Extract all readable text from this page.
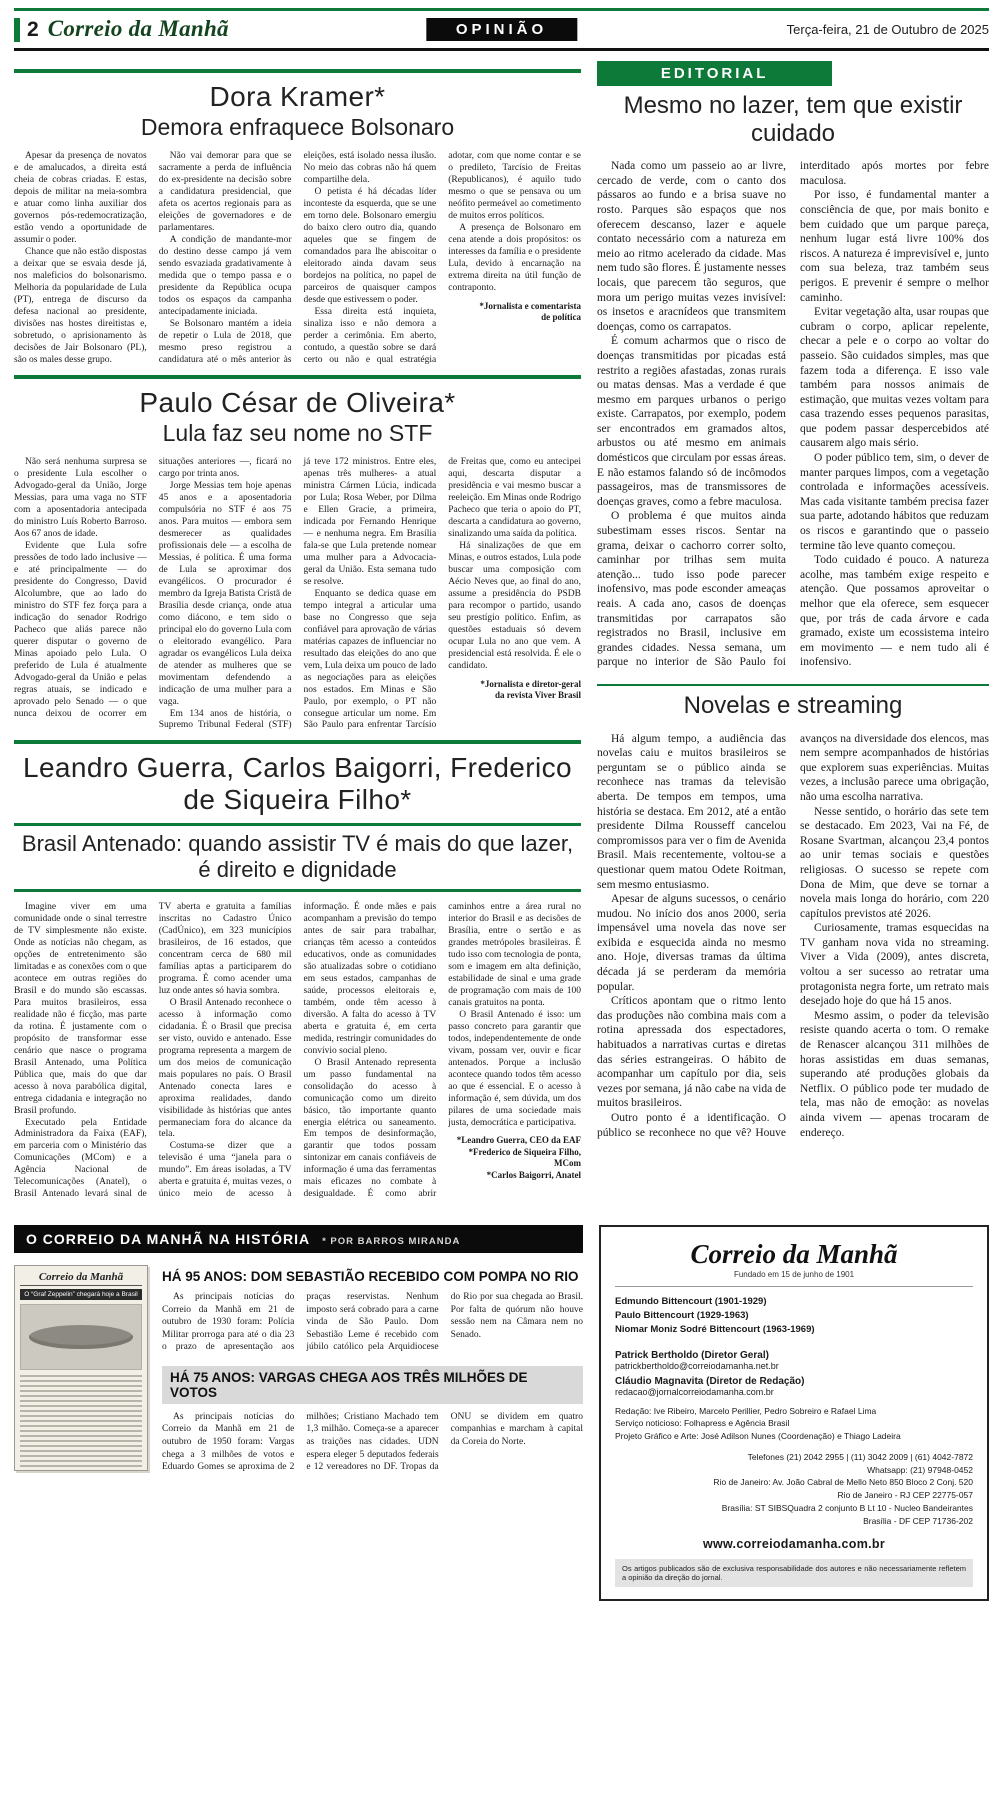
2 Correio da Manhã	OPINIÃO	Terça-feira, 21 de Outubro de 2025
Dora Kramer*
Demora enfraquece Bolsonaro

Apesar da presença de novatos e de amalucados, a direita está cheia de cobras criadas. E estas, depois de militar na meia-sombra e atuar como linha auxiliar dos governos pós-redemocratização, estão vendo a oportunidade de assumir o poder.

Chance que não estão dispostas a deixar que se esvaia desde já, nos maleficios do bolsonarismo. Melhoria da popularidade de Lula (PT), entrega de discurso da defesa nacional ao presidente, divisões nas hostes direitistas e, sobretudo, o aprisionamento às decisões de Jair Bolsonaro (PL), são os males desse grupo.

Não vai demorar para que se sacramente a perda de influência do ex-presidente na decisão sobre a candidatura presidencial, que afeta os acertos regionais para as eleições de governadores e de parlamentares.

A condição de mandante-mor do destino desse campo já vem sendo esvaziada gradativamente à medida que o tempo passa e o presidente da República ocupa todos os espaços da campanha antecipadamente iniciada.

Se Bolsonaro mantém a ideia de repetir o Lula de 2018, que mesmo preso registrou a candidatura até o mês anterior às eleições, está isolado nessa ilusão. No meio das cobras não há quem compartilhe dela.

O petista é há décadas líder inconteste da esquerda, que se une em torno dele. Bolsonaro emergiu do baixo clero outro dia, quando aqueles que se fingem de comandados para lhe abiscoitar o eleitorado ainda davam seus bordejos na política, no papel de parceiros de quaisquer campos desde que estivessem o poder.

Essa direita está inquieta, sinaliza isso e não demora a perder a cerimônia. Em aberto, contudo, a questão sobre se dará certo ou não e qual estratégia adotar, com que nome contar e se o predileto, Tarcísio de Freitas (Republicanos), é aquilo tudo mesmo o que se pensava ou um neófito permeável ao cometimento de muitos erros políticos.

A presença de Bolsonaro em cena atende a dois propósitos: os interesses da família e o presidente Lula, devido à encarnação na extrema direita na útil função de contraponto.

*Jornalista e comentarista

de política

Paulo César de Oliveira*
Lula faz seu nome no STF

Não será nenhuma surpresa se o presidente Lula escolher o Advogado-geral da União, Jorge Messias, para uma vaga no STF com a aposentadoria antecipada do ministro Luís Roberto Barroso. Aos 67 anos de idade.

Evidente que Lula sofre pressões de todo lado inclusive — e até principalmente — do presidente do Congresso, David Alcolumbre, que ao lado do ministro do STF fez força para a indicação do senador Rodrigo Pacheco que aliás parece não querer disputar o governo de Minas apoiado pelo Lula. O preferido de Lula é atualmente Advogado-geral da União e pelas regras atuais, se indicado e aprovado pelo Senado — o que nunca deixou de ocorrer em situações anteriores —, ficará no cargo por trinta anos.

Jorge Messias tem hoje apenas 45 anos e a aposentadoria compulsória no STF é aos 75 anos. Para muitos — embora sem desmerecer as qualidades profissionais dele — a escolha de Messias, é política. É uma forma de Lula se aproximar dos evangélicos. O procurador é membro da Igreja Batista Cristã de Brasília desde criança, onde atua como diácono, e tem sido o principal elo do governo Lula com o eleitorado evangélico. Para agradar os evangélicos Lula deixa de atender as mulheres que se movimentam defendendo a indicação de uma mulher para a vaga.

Em 134 anos de história, o Supremo Tribunal Federal (STF) já teve 172 ministros. Entre eles, apenas três mulheres- a atual ministra Cármen Lúcia, indicada por Lula; Rosa Weber, por Dilma e Ellen Gracie, a primeira, indicada por Fernando Henrique — e nenhuma negra. Em Brasília fala-se que Lula pretende nomear uma mulher para a Advocacia-geral da União. Esta semana tudo se resolve.

Enquanto se dedica quase em tempo integral a articular uma base no Congresso que seja confiável para aprovação de várias matérias capazes de influenciar no resultado das eleições do ano que vem, Lula deixa um pouco de lado as negociações para as eleições nos estados. Em Minas e São Paulo, por exemplo, o PT não consegue articular um nome. Em São Paulo para enfrentar Tarcísio de Freitas que, como eu antecipei aqui, descarta disputar a presidência e vai mesmo buscar a reeleição. Em Minas onde Rodrigo Pacheco que teria o apoio do PT, descarta a candidatura ao governo, sinalizando uma saída da política.

Há sinalizações de que em Minas, e outros estados, Lula pode buscar uma composição com Aécio Neves que, ao final do ano, assume a presidência do PSDB para recompor o partido, usando seu prestígio político. Enfim, as questões estaduais só devem ocupar Lula no ano que vem. A presidencial está resolvida. É ele o candidato.

*Jornalista e diretor-geral

da revista Viver Brasil

Leandro Guerra, Carlos Baigorri, Frederico de Siqueira Filho*
Brasil Antenado: quando assistir TV é mais do que lazer, é direito e dignidade

Imagine viver em uma comunidade onde o sinal terrestre de TV simplesmente não existe. Onde as notícias não chegam, as opções de entretenimento são limitadas e as conexões com o que acontece em outras regiões do Brasil e do mundo são escassas. Para muitos brasileiros, essa realidade não é ficção, mas parte da rotina. É justamente com o propósito de transformar esse cenário que nasce o programa Brasil Antenado, uma Política Pública que, mais do que dar acesso à nova parabólica digital, entrega cidadania e integração no Brasil profundo.

Executado pela Entidade Administradora da Faixa (EAF), em parceria com o Ministério das Comunicações (MCom) e a Agência Nacional de Telecomunicações (Anatel), o Brasil Antenado levará sinal de TV aberta e gratuita a famílias inscritas no Cadastro Único (CadÚnico), em 323 municípios brasileiros, de 16 estados, que concentram cerca de 680 mil famílias aptas a participarem do programa. É como acender uma luz onde antes só havia sombra.

O Brasil Antenado reconhece o acesso à informação como cidadania. É o Brasil que precisa ser visto, ouvido e antenado. Esse programa representa a margem de um dos meios de comunicação mais populares no país. O Brasil Antenado conecta lares e aproxima realidades, dando visibilidade às histórias que antes permaneciam fora do alcance da tela.

Costuma-se dizer que a televisão é uma “janela para o mundo”. Em áreas isoladas, a TV aberta e gratuita é, muitas vezes, o único meio de acesso à informação. É onde mães e pais acompanham a previsão do tempo antes de sair para trabalhar, crianças têm acesso a conteúdos educativos, onde as comunidades são atualizadas sobre o cotidiano em seus estados, campanhas de saúde, processos eleitorais e, também, onde têm acesso à diversão. A falta do acesso à TV aberta e gratuita é, em certa medida, restringir comunidades do convívio social pleno.

O Brasil Antenado representa um passo fundamental na consolidação do acesso à comunicação como um direito básico, tão importante quanto energia elétrica ou saneamento. Em tempos de desinformação, garantir que todos possam sintonizar em canais confiáveis de informação é uma das ferramentas mais eficazes no combate à desigualdade. É como abrir caminhos entre a área rural no interior do Brasil e as decisões de Brasília, entre o sertão e as grandes metrópoles brasileiras. É tudo isso com tecnologia de ponta, som e imagem em alta definição, estabilidade de sinal e uma grade de programação com mais de 100 canais gratuitos na ponta.

O Brasil Antenado é isso: um passo concreto para garantir que todos, independentemente de onde vivam, possam ver, ouvir e ficar antenados. Porque a inclusão acontece quando todos têm acesso ao que é essencial. E o acesso à informação é, sem dúvida, um dos pilares de uma sociedade mais justa, democrática e participativa.

*Leandro Guerra, CEO da EAF

*Frederico de Siqueira Filho, MCom

*Carlos Baigorri, Anatel

EDITORIAL
Mesmo no lazer, tem que existir cuidado

Nada como um passeio ao ar livre, cercado de verde, com o canto dos pássaros ao fundo e a brisa suave no rosto. Parques são espaços que nos oferecem descanso, lazer e aquele contato necessário com a natureza em meio ao ritmo acelerado da cidade. Mas nem tudo são flores. É justamente nesses locais, que parecem tão seguros, que mora um perigo muitas vezes invisível: os insetos e aracnídeos que transmitem doenças, como os carrapatos.

É comum acharmos que o risco de doenças transmitidas por picadas está restrito a regiões afastadas, zonas rurais ou matas densas. Mas a verdade é que mesmo em parques urbanos o perigo existe. Carrapatos, por exemplo, podem ser encontrados em gramados altos, arbustos ou até mesmo em animais domésticos que circulam por essas áreas. E não estamos falando só de incômodos passageiros, mas de transmissores de doenças graves, como a febre maculosa.

O problema é que muitos ainda subestimam esses riscos. Sentar na grama, deixar o cachorro correr solto, caminhar por trilhas sem muita atenção... tudo isso pode parecer inofensivo, mas pode esconder ameaças reais. A cada ano, casos de doenças transmitidas por carrapatos são registrados no Brasil, inclusive em grandes cidades. Nessa semana, um parque no interior de São Paulo foi interditado após mortes por febre maculosa.

Por isso, é fundamental manter a consciência de que, por mais bonito e bem cuidado que um parque pareça, nenhum lugar está livre 100% dos riscos. A natureza é imprevisível e, junto com sua beleza, traz também seus perigos. E prevenir é sempre o melhor caminho.

Evitar vegetação alta, usar roupas que cubram o corpo, aplicar repelente, checar a pele e o corpo ao voltar do passeio. São cuidados simples, mas que fazem toda a diferença. E isso vale também para nossos animais de estimação, que muitas vezes voltam para casa trazendo esses pequenos parasitas, que podem passar despercebidos até causarem algo mais sério.

O poder público tem, sim, o dever de manter parques limpos, com a vegetação controlada e informações acessíveis. Mas cada visitante também precisa fazer sua parte, adotando hábitos que reduzam os riscos e garantindo que o passeio termine tão leve quanto começou.

Todo cuidado é pouco. A natureza acolhe, mas também exige respeito e atenção. Que possamos aproveitar o melhor que ela oferece, sem esquecer que, por trás de cada árvore e cada gramado, existe um ecossistema inteiro em movimento — e nem tudo ali é inofensivo.

Novelas e streaming

Há algum tempo, a audiência das novelas caiu e muitos brasileiros se perguntam se o público ainda se reconhece nas tramas da televisão aberta. De tempos em tempos, uma história se destaca. Em 2012, até a então presidente Dilma Rousseff cancelou compromissos para ver o fim de Avenida Brasil. Mais recentemente, voltou-se a questionar quem matou Odete Roitman, sem mesmo entusiasmo.

Apesar de alguns sucessos, o cenário mudou. No início dos anos 2000, seria impensável uma novela das nove ser exibida e esquecida ainda no mesmo ano. Hoje, diversas tramas da última década já se perderam da memória popular.

Críticos apontam que o ritmo lento das produções não combina mais com a rotina apressada dos espectadores, habituados a narrativas curtas e diretas das séries estrangeiras. O hábito de acompanhar um capítulo por dia, seis vezes por semana, já não cabe na vida de muitos brasileiros.

Outro ponto é a identificação. O público se reconhece no que vê? Houve avanços na diversidade dos elencos, mas nem sempre acompanhados de histórias que explorem suas experiências. Muitas vezes, a inclusão parece uma obrigação, não uma escolha narrativa.

Nesse sentido, o horário das sete tem se destacado. Em 2023, Vai na Fé, de Rosane Svartman, alcançou 23,4 pontos ao unir temas sociais e questões religiosas. O sucesso se repete com Dona de Mim, que deve se tornar a novela mais longa do horário, com 220 capítulos previstos até 2026.

Curiosamente, tramas esquecidas na TV ganham nova vida no streaming. Viver a Vida (2009), antes discreta, voltou a ser sucesso ao retratar uma protagonista negra forte, um retrato mais desejado hoje do que há 15 anos.

Mesmo assim, o poder da televisão resiste quando acerta o tom. O remake de Renascer alcançou 311 milhões de horas assistidas em duas semanas, superando até produções globais da Netflix. O público pode ter mudado de tela, mas não de emoção: as novelas ainda vivem — apenas trocaram de endereço.

O CORREIO DA MANHÃ NA HISTÓRIA * POR BARROS MIRANDA
Correio da Manhã
O “Graf Zeppelin” chegará hoje a Brasil
HÁ 95 ANOS: DOM SEBASTIÃO RECEBIDO COM POMPA NO RIO

As principais notícias do Correio da Manhã em 21 de outubro de 1930 foram: Polícia Militar prorroga para até o dia 23 o prazo de apresentação aos praças reservistas. Nenhum imposto será cobrado para a carne vinda de São Paulo. Dom Sebastião Leme é recebido com júbilo católico pela Arquidiocese do Rio por sua chegada ao Brasil. Por falta de quórum não houve sessão nem na Câmara nem no Senado.

HÁ 75 ANOS: VARGAS CHEGA AOS TRÊS MILHÕES DE VOTOS

As principais notícias do Correio da Manhã em 21 de outubro de 1950 foram: Vargas chega a 3 milhões de votos e Eduardo Gomes se aproxima de 2 milhões; Cristiano Machado tem 1,3 milhão. Começa-se a aparecer as traições nas cidades. UDN espera eleger 5 deputados federais e 12 vereadores no DF. Tropas da ONU se dividem em quatro companhias e marcham à capital da Coreia do Norte.

Correio da Manhã
Fundado em 15 de junho de 1901

Edmundo Bittencourt (1901-1929)

Paulo Bittencourt (1929-1963)

Niomar Moniz Sodré Bittencourt (1963-1969)

Patrick Bertholdo (Diretor Geral)

patrickbertholdo@correiodamanha.net.br

Cláudio Magnavita (Diretor de Redação)

redacao@jornalcorreiodamanha.com.br

Redação: Ive Ribeiro, Marcelo Perillier, Pedro Sobreiro e Rafael Lima

Serviço noticioso: Folhapress e Agência Brasil

Projeto Gráfico e Arte: José Adilson Nunes (Coordenação) e Thiago Ladeira

Telefones (21) 2042 2955 | (11) 3042 2009 | (61) 4042-7872

Whatsapp: (21) 97948-0452

Rio de Janeiro: Av. João Cabral de Mello Neto 850 Bloco 2 Conj. 520

Rio de Janeiro - RJ CEP 22775-057

Brasília: ST SIBSQuadra 2 conjunto B Lt 10 - Nucleo Bandeirantes

Brasília - DF CEP 71736-202

www.correiodamanha.com.br
Os artigos publicados são de exclusiva responsabilidade dos autores e não necessariamente refletem a opinião da direção do jornal.
